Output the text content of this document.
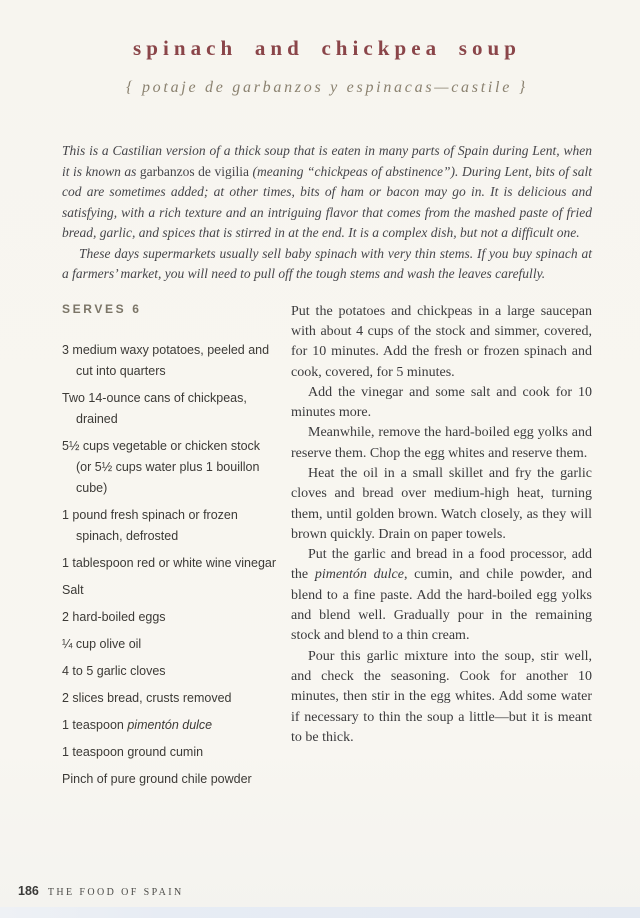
spinach and chickpea soup
{ potaje de garbanzos y espinacas—castile }

This is a Castilian version of a thick soup that is eaten in many parts of Spain during Lent, when it is known as garbanzos de vigilia (meaning “chickpeas of abstinence”). During Lent, bits of salt cod are sometimes added; at other times, bits of ham or bacon may go in. It is delicious and satisfying, with a rich texture and an intriguing flavor that comes from the mashed paste of fried bread, garlic, and spices that is stirred in at the end. It is a complex dish, but not a difficult one.

These days supermarkets usually sell baby spinach with very thin stems. If you buy spinach at a farmers’ market, you will need to pull off the tough stems and wash the leaves carefully.

SERVES 6
3 medium waxy potatoes, peeled and cut into quarters
Two 14-ounce cans of chickpeas, drained
5½ cups vegetable or chicken stock (or 5½ cups water plus 1 bouillon cube)
1 pound fresh spinach or frozen spinach, defrosted
1 tablespoon red or white wine vinegar
Salt
2 hard-boiled eggs
¼ cup olive oil
4 to 5 garlic cloves
2 slices bread, crusts removed
1 teaspoon pimentón dulce
1 teaspoon ground cumin
Pinch of pure ground chile powder

Put the potatoes and chickpeas in a large saucepan with about 4 cups of the stock and simmer, covered, for 10 minutes. Add the fresh or frozen spinach and cook, covered, for 5 minutes.

Add the vinegar and some salt and cook for 10 minutes more.

Meanwhile, remove the hard-boiled egg yolks and reserve them. Chop the egg whites and reserve them.

Heat the oil in a small skillet and fry the garlic cloves and bread over medium-high heat, turning them, until golden brown. Watch closely, as they will brown quickly. Drain on paper towels.

Put the garlic and bread in a food processor, add the pimentón dulce, cumin, and chile powder, and blend to a fine paste. Add the hard-boiled egg yolks and blend well. Gradually pour in the remaining stock and blend to a thin cream.

Pour this garlic mixture into the soup, stir well, and check the seasoning. Cook for another 10 minutes, then stir in the egg whites. Add some water if necessary to thin the soup a little—but it is meant to be thick.

186 THE FOOD OF SPAIN
